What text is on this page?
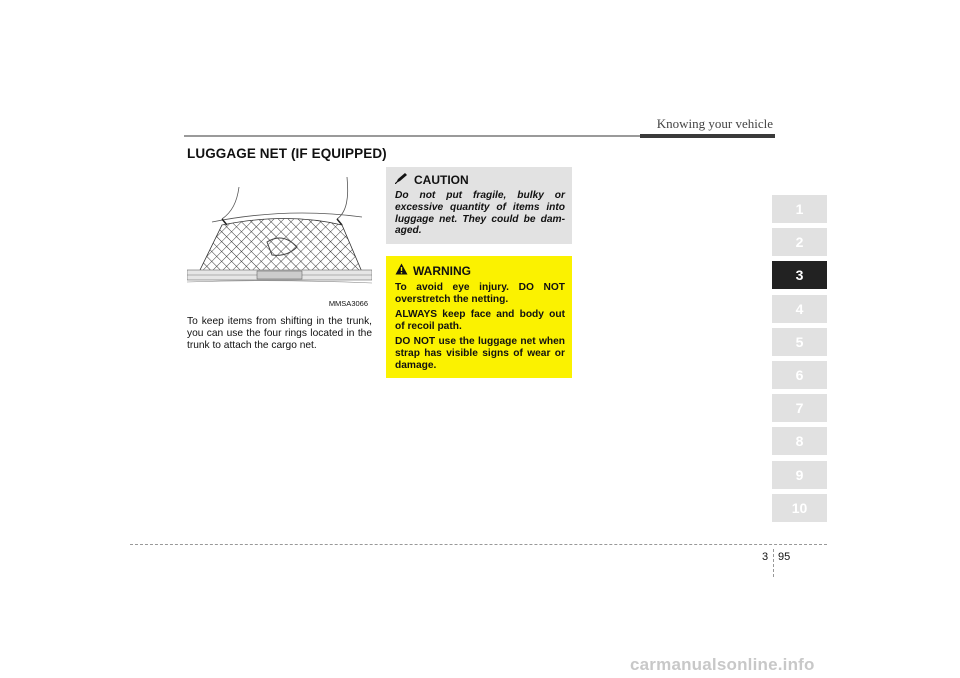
Knowing your vehicle
LUGGAGE NET (IF EQUIPPED)
MMSA3066
To keep items from shifting in the trunk, you can use the four rings located in the trunk to attach the cargo net.
CAUTION
Do not put fragile, bulky or excessive quantity of items into luggage net. They could be dam- aged.
WARNING
To avoid eye injury. DO NOT overstretch the netting.
ALWAYS keep face and body out of recoil path.
DO NOT use the luggage net when strap has visible signs of wear or damage.
1
2
3
4
5
6
7
8
9
10
3 95
carmanualsonline.info
